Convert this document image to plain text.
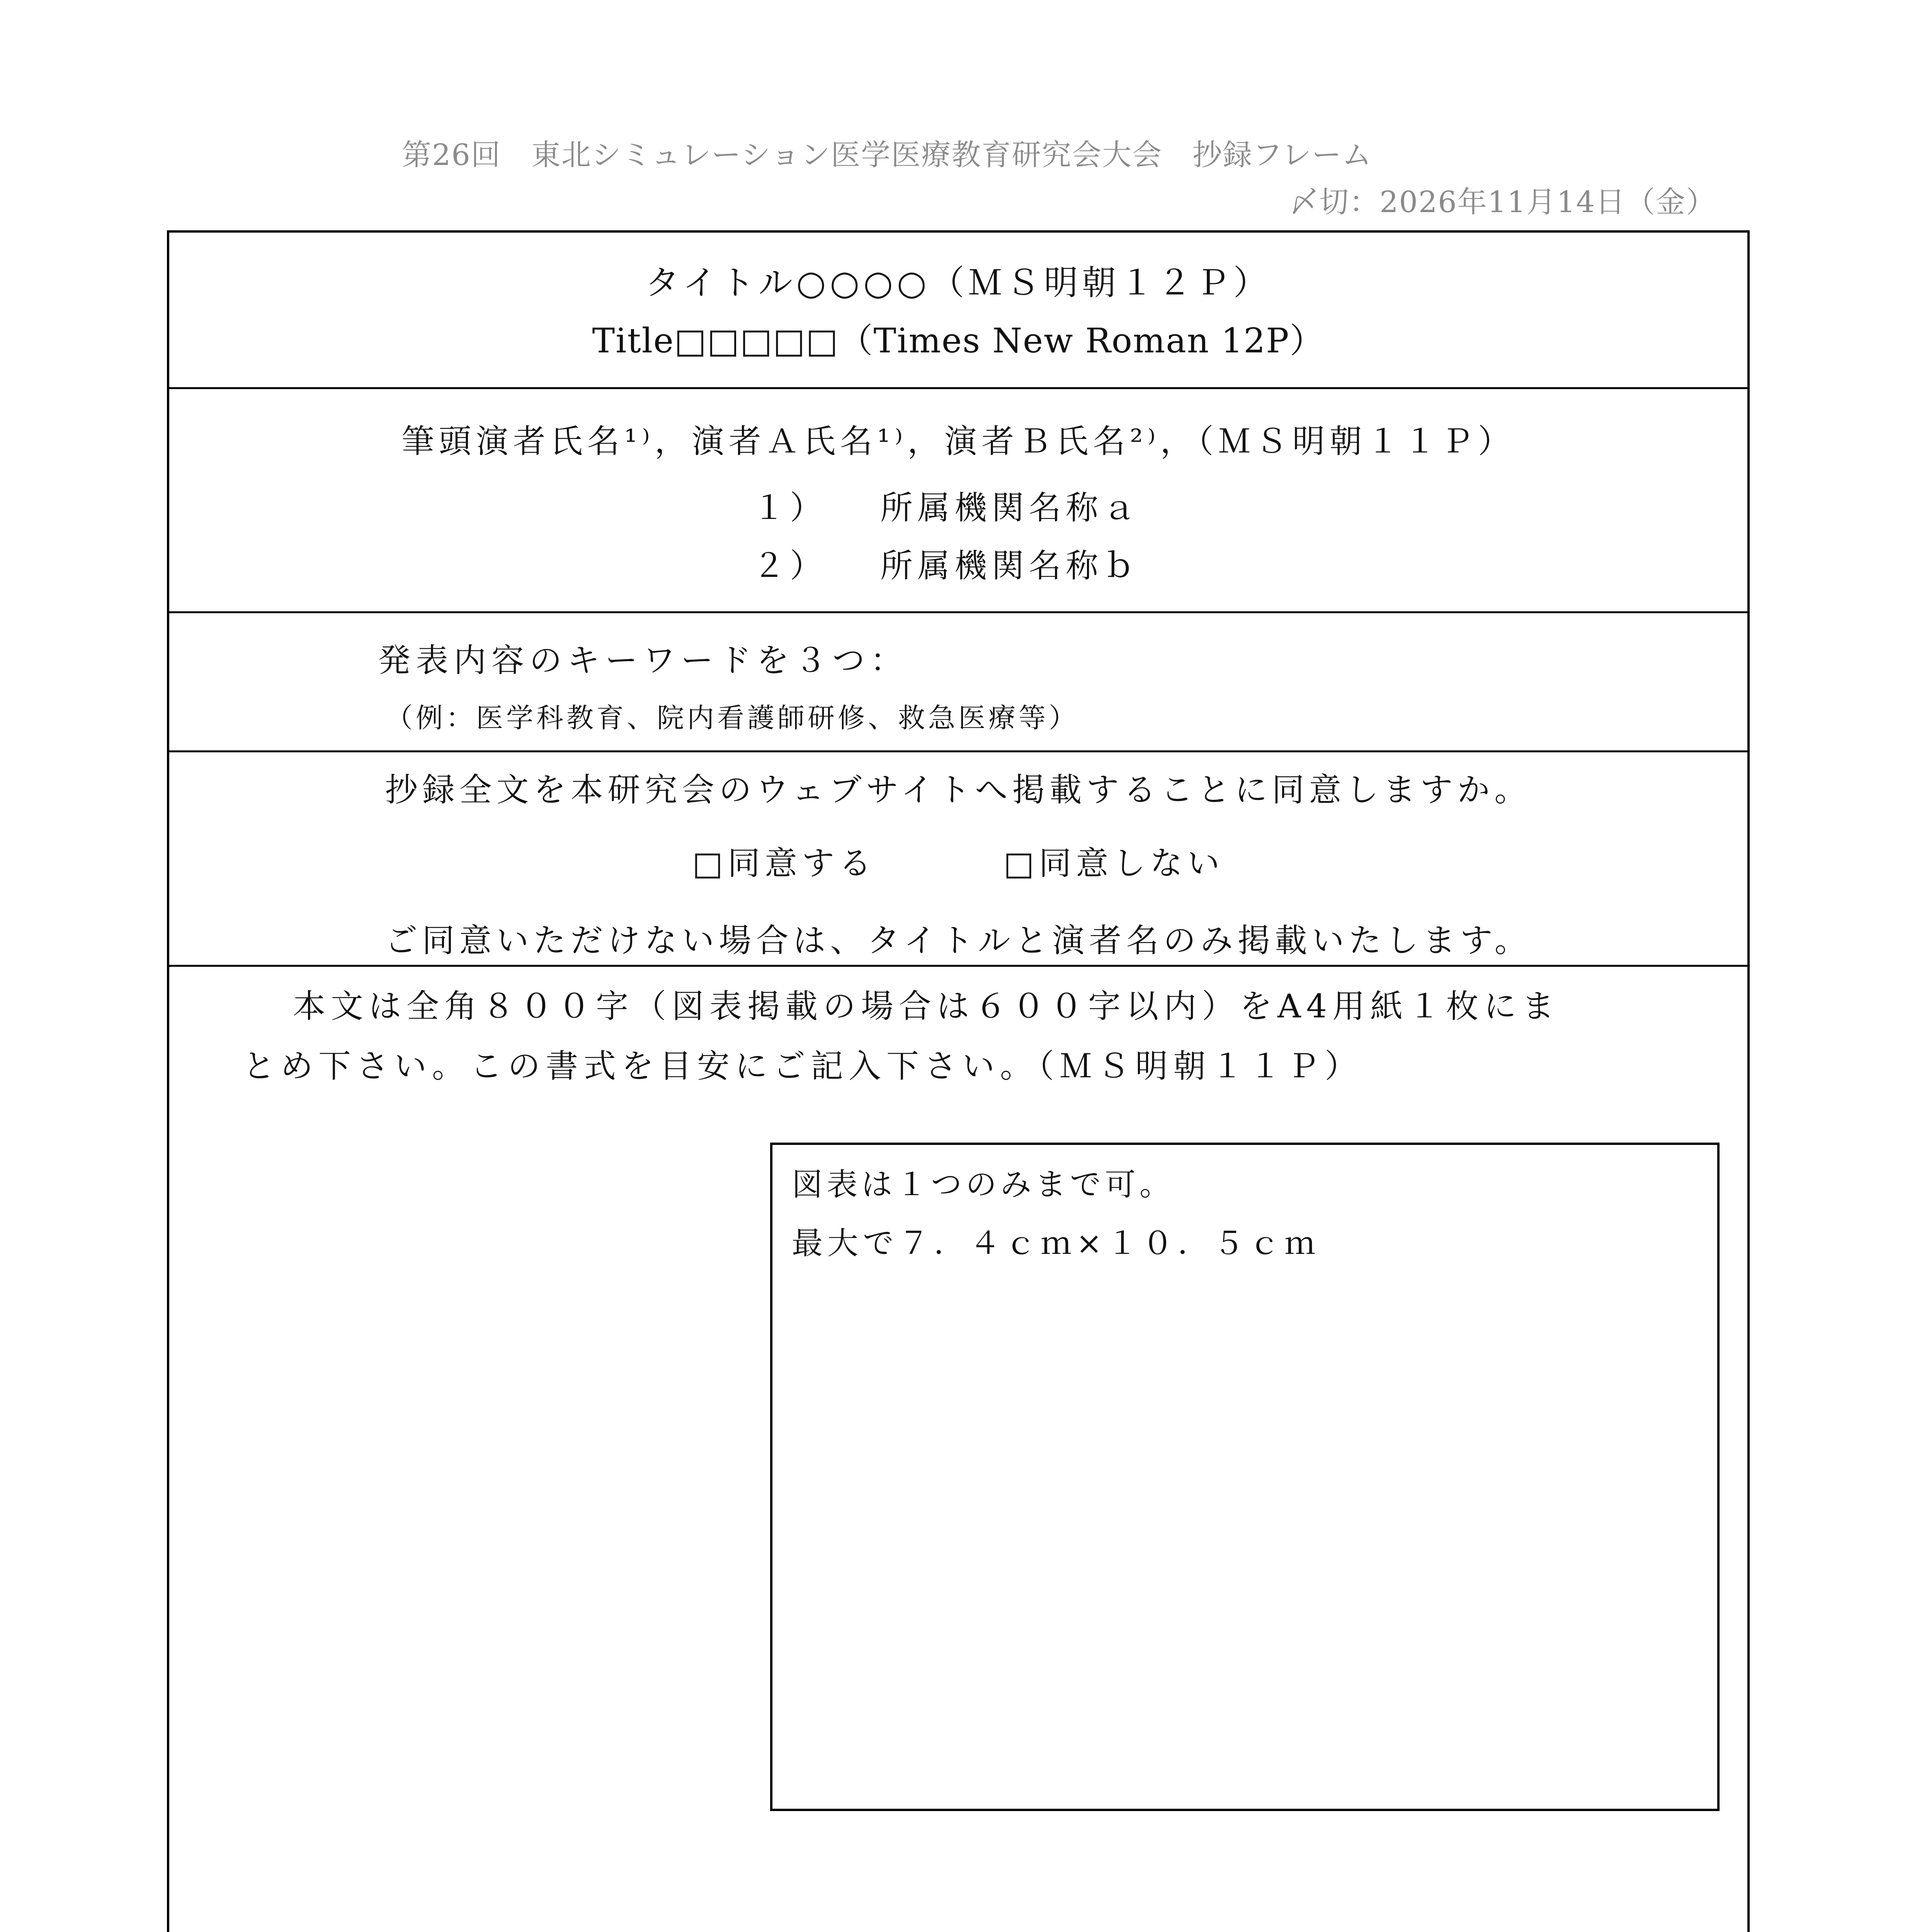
第26回　東北シミュレーション医学医療教育研究会大会　抄録フレーム
〆切：2026年11月14日（金）
タイトル○○○○（ＭＳ明朝１２Ｐ）
Title□□□□□（Times New Roman 12P）
筆頭演者氏名¹⁾，演者Ａ氏名¹⁾，演者Ｂ氏名²⁾，（ＭＳ明朝１１Ｐ）
１） 所属機関名称ａ
２） 所属機関名称ｂ
発表内容のキーワードを３つ：
（例：医学科教育、院内看護師研修、救急医療等）
抄録全文を本研究会のウェブサイトへ掲載することに同意しますか。
□同意する	□同意しない
ご同意いただけない場合は、タイトルと演者名のみ掲載いたします。
本文は全角８００字（図表掲載の場合は６００字以内）をA4用紙１枚にま
とめ下さい。この書式を目安にご記入下さい。（ＭＳ明朝１１Ｐ）
図表は１つのみまで可。
最大で７．４ｃｍ×１０．５ｃｍ
